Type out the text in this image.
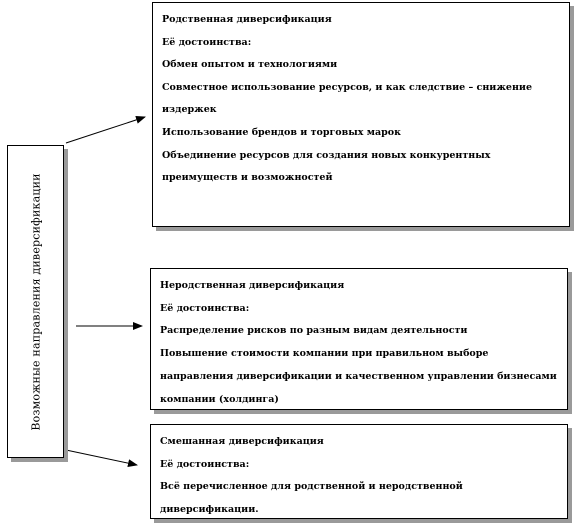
Возможные направления диверсификации
Родственная диверсификация
Её достоинства:
Обмен опытом и технологиями
Совместное использование ресурсов, и как следствие – снижение
издержек
Использование брендов и торговых марок
Объединение ресурсов для создания новых конкурентных
преимуществ и возможностей
Неродственная диверсификация
Её достоинства:
Распределение рисков по разным видам деятельности
Повышение стоимости компании при правильном выборе
направления диверсификации и качественном управлении бизнесами
компании (холдинга)
Смешанная диверсификация
Её достоинства:
Всё перечисленное для родственной и неродственной
диверсификации.
